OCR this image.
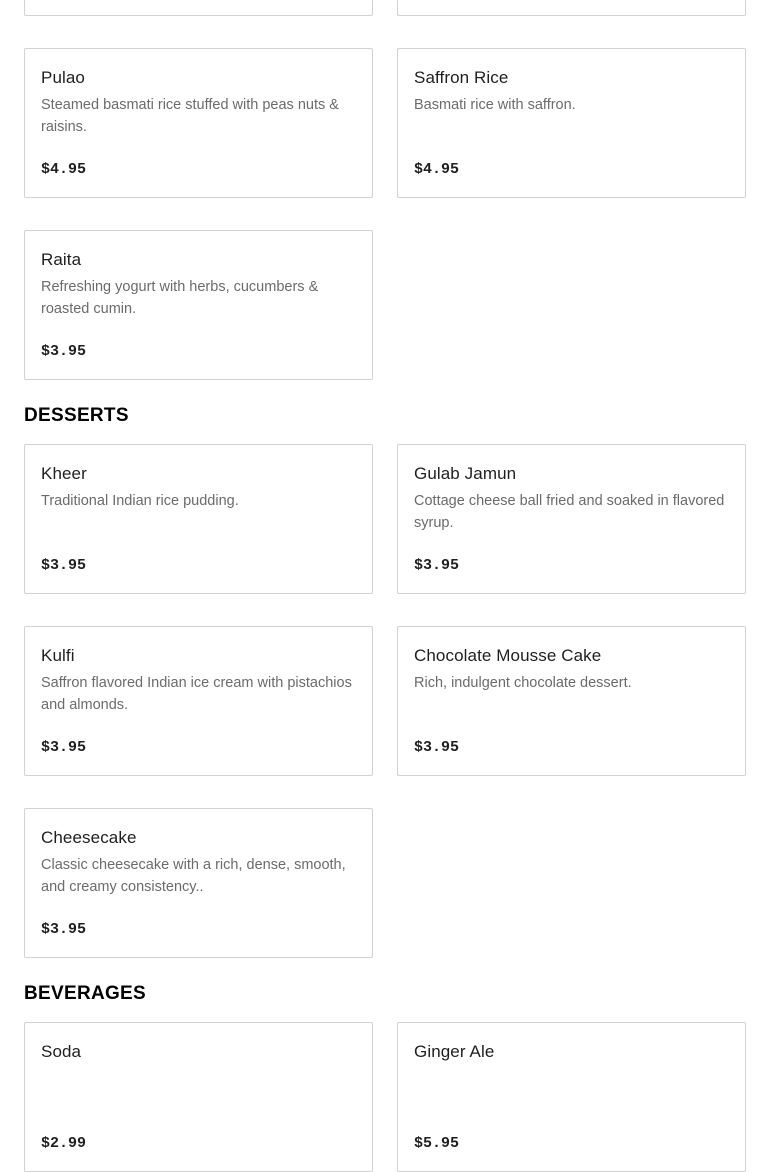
Pulao
Steamed basmati rice stuffed with peas nuts & raisins.
$4.95
Saffron Rice
Basmati rice with saffron.
$4.95
Raita
Refreshing yogurt with herbs, cucumbers & roasted cumin.
$3.95
DESSERTS
Kheer
Traditional Indian rice pudding.
$3.95
Gulab Jamun
Cottage cheese ball fried and soaked in flavored syrup.
$3.95
Kulfi
Saffron flavored Indian ice cream with pistachios and almonds.
$3.95
Chocolate Mousse Cake
Rich, indulgent chocolate dessert.
$3.95
Cheesecake
Classic cheesecake with a rich, dense, smooth, and creamy consistency..
$3.95
BEVERAGES
Soda
$2.99
Ginger Ale
$5.95
